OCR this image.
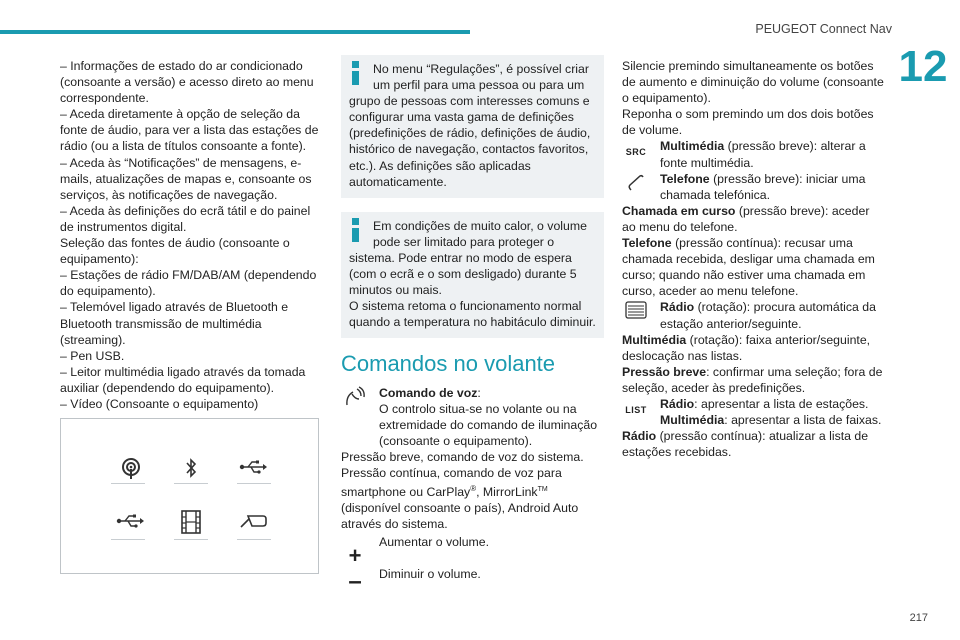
PEUGEOT Connect Nav
12
217

– Informações de estado do ar condicionado (consoante a versão) e acesso direto ao menu correspondente.

– Aceda diretamente à opção de seleção da fonte de áudio, para ver a lista das estações de rádio (ou a lista de títulos consoante a fonte).

– Aceda às “Notificações” de mensagens, e-mails, atualizações de mapas e, consoante os serviços, às notificações de navegação.

– Aceda às definições do ecrã tátil e do painel de instrumentos digital.

Seleção das fontes de áudio (consoante o equipamento):

– Estações de rádio FM/DAB/AM (dependendo do equipamento).

– Telemóvel ligado através de Bluetooth e Bluetooth transmissão de multimédia (streaming).

– Pen USB.

– Leitor multimédia ligado através da tomada auxiliar (dependendo do equipamento).

– Vídeo (Consoante o equipamento)

No menu “Regulações”, é possível criar um perfil para uma pessoa ou para um grupo de pessoas com interesses comuns e configurar uma vasta gama de definições (predefinições de rádio, definições de áudio, histórico de navegação, contactos favoritos, etc.). As definições são aplicadas automaticamente.

Em condições de muito calor, o volume pode ser limitado para proteger o sistema. Pode entrar no modo de espera (com o ecrã e o som desligado) durante 5 minutos ou mais.

O sistema retoma o funcionamento normal quando a temperatura no habitáculo diminuir.

Comandos no volante
Comando de voz:

O controlo situa-se no volante ou na extremidade do comando de iluminação (consoante o equipamento).

Pressão breve, comando de voz do sistema.

Pressão contínua, comando de voz para smartphone ou CarPlay®, MirrorLink™ (disponível consoante o país), Android Auto através do sistema.

+
Aumentar o volume.
–	Diminuir o volume.

Silencie premindo simultaneamente os botões de aumento e diminuição do volume (consoante o equipamento).

Reponha o som premindo um dos dois botões de volume.

SRC	Multimédia (pressão breve): alterar a fonte multimédia.
Telefone (pressão breve): iniciar uma chamada telefónica.

Chamada em curso (pressão breve): aceder ao menu do telefone.

Telefone (pressão contínua): recusar uma chamada recebida, desligar uma chamada em curso; quando não estiver uma chamada em curso, aceder ao menu telefone.

Rádio (rotação): procura automática da estação anterior/seguinte.

Multimédia (rotação): faixa anterior/seguinte, deslocação nas listas.

Pressão breve: confirmar uma seleção; fora de seleção, aceder às predefinições.

LIST	Rádio: apresentar a lista de estações.
Multimédia: apresentar a lista de faixas.

Rádio (pressão contínua): atualizar a lista de estações recebidas.
